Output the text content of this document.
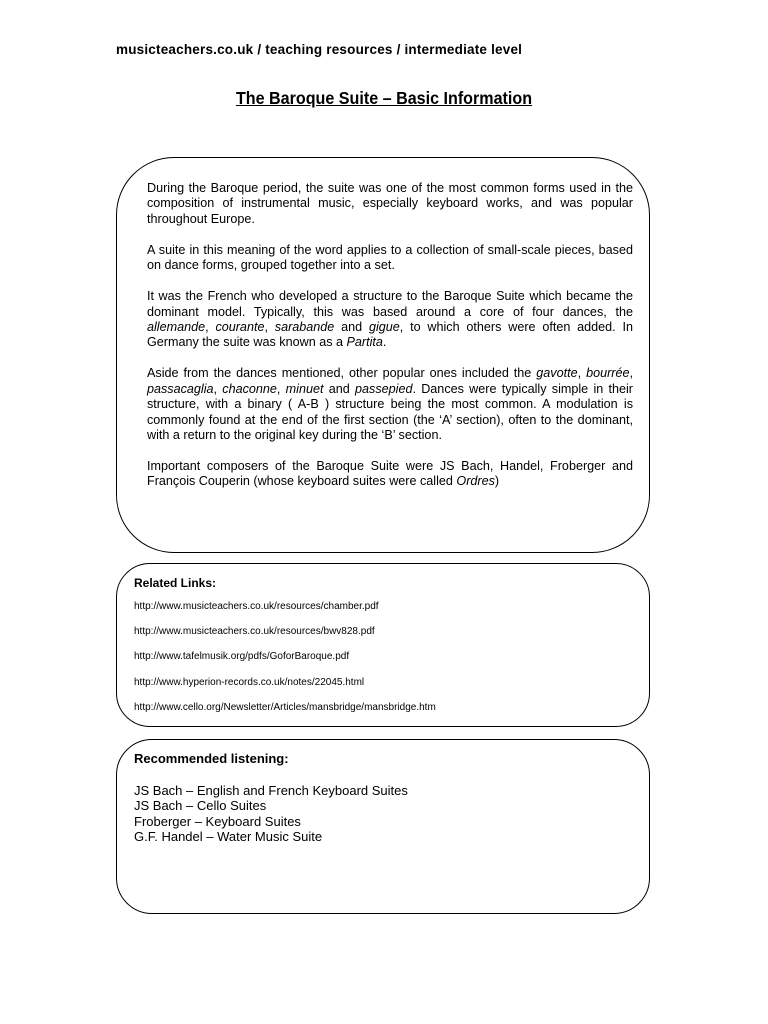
musicteachers.co.uk / teaching resources / intermediate level
The Baroque Suite – Basic Information

During the Baroque period, the suite was one of the most common forms used in the composition of instrumental music, especially keyboard works, and was popular throughout Europe.

A suite in this meaning of the word applies to a collection of small-scale pieces, based on dance forms, grouped together into a set.

It was the French who developed a structure to the Baroque Suite which became the dominant model. Typically, this was based around a core of four dances, the allemande, courante, sarabande and gigue, to which others were often added. In Germany the suite was known as a Partita.

Aside from the dances mentioned, other popular ones included the gavotte, bourrée, passacaglia, chaconne, minuet and passepied. Dances were typically simple in their structure, with a binary ( A-B ) structure being the most common. A modulation is commonly found at the end of the first section (the ‘A’ section), often to the dominant, with a return to the original key during the ‘B’ section.

Important composers of the Baroque Suite were JS Bach, Handel, Froberger and François Couperin (whose keyboard suites were called Ordres)

Related Links:
http://www.musicteachers.co.uk/resources/chamber.pdf
http://www.musicteachers.co.uk/resources/bwv828.pdf
http://www.tafelmusik.org/pdfs/GoforBaroque.pdf
http://www.hyperion-records.co.uk/notes/22045.html
http://www.cello.org/Newsletter/Articles/mansbridge/mansbridge.htm
Recommended listening:
JS Bach – English and French Keyboard Suites
JS Bach – Cello Suites
Froberger – Keyboard Suites
G.F. Handel – Water Music Suite
